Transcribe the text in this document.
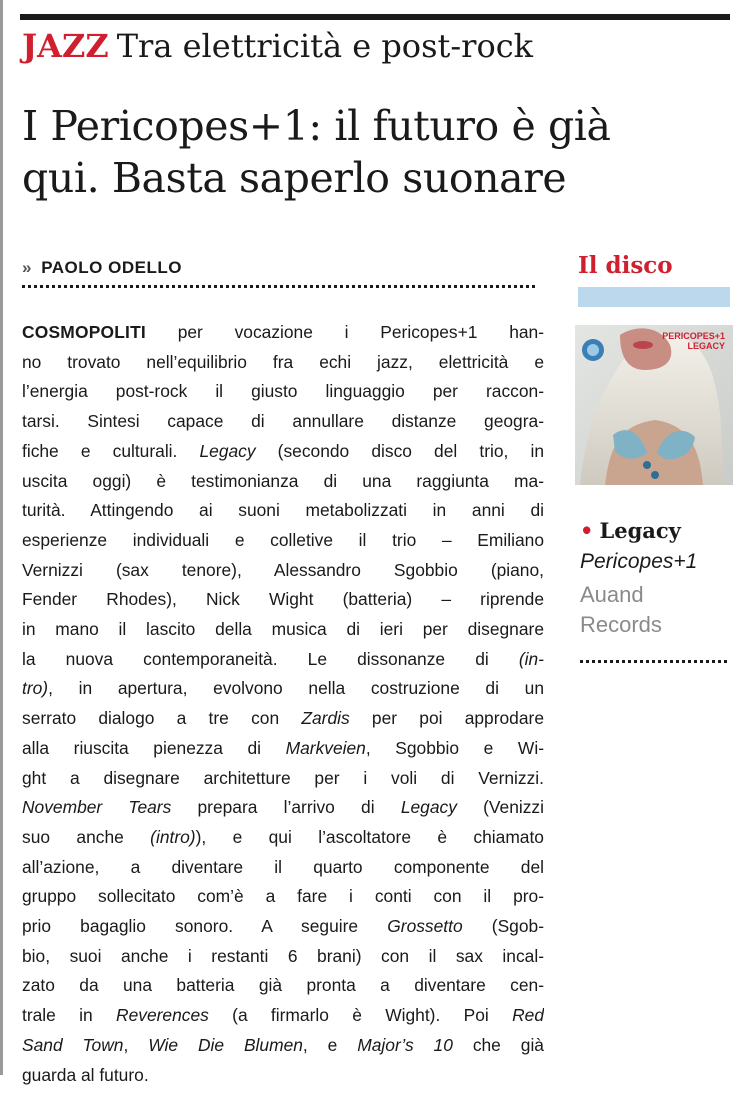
JAZZ Tra elettricità e post-rock
I Pericopes+1: il futuro è già
qui. Basta saperlo suonare
» PAOLO ODELLO

COSMOPOLITI per vocazione i Pericopes+1 han-
no trovato nell’equilibrio fra echi jazz, elettricità e
l’energia post-rock il giusto linguaggio per raccon-
tarsi. Sintesi capace di annullare distanze geogra-
fiche e culturali. Legacy (secondo disco del trio, in
uscita oggi) è testimonianza di una raggiunta ma-
turità. Attingendo ai suoni metabolizzati in anni di
esperienze individuali e colletive il trio – Emiliano
Vernizzi (sax tenore), Alessandro Sgobbio (piano,
Fender Rhodes), Nick Wight (batteria) – riprende
in mano il lascito della musica di ieri per disegnare
la nuova contemporaneità. Le dissonanze di (in-
tro), in apertura, evolvono nella costruzione di un
serrato dialogo a tre con Zardis per poi approdare
alla riuscita pienezza di Markveien, Sgobbio e Wi-
ght a disegnare architetture per i voli di Vernizzi.
November Tears prepara l’arrivo di Legacy (Venizzi
suo anche (intro)), e qui l’ascoltatore è chiamato
all’azione, a diventare il quarto componente del
gruppo sollecitato com’è a fare i conti con il pro-
prio bagaglio sonoro. A seguire Grossetto (Sgob-
bio, suoi anche i restanti 6 brani) con il sax incal-
zato da una batteria già pronta a diventare cen-
trale in Reverences (a firmarlo è Wight). Poi Red
Sand Town, Wie Die Blumen, e Major’s 10 che già
guarda al futuro.

Il disco
PERICOPES+1
LEGACY
• Legacy
Pericopes+1
Auand
Records
